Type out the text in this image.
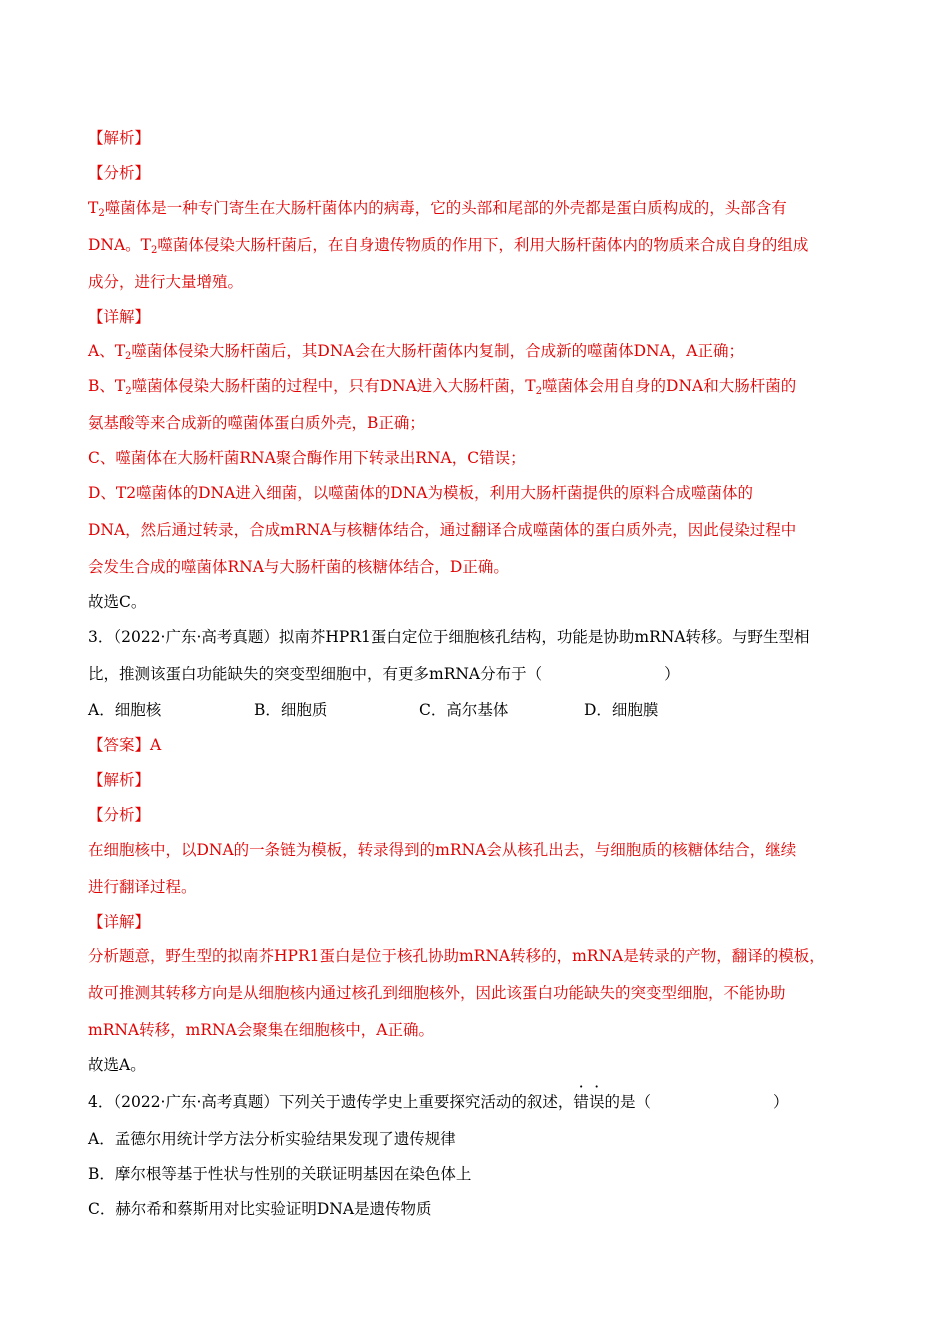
【解析】
【分析】
$T_2$噬菌体是一种专门寄生在大肠杆菌体内的病毒，它的头部和尾部的外壳都是蛋白质构成的，头部含有
DNA。$T_2$噬菌体侵染大肠杆菌后，在自身遗传物质的作用下，利用大肠杆菌体内的物质来合成自身的组成
成分，进行大量增殖。
【详解】
A、$T_2$噬菌体侵染大肠杆菌后，其DNA会在大肠杆菌体内复制，合成新的噬菌体DNA，A正确；
B、$T_2$噬菌体侵染大肠杆菌的过程中，只有DNA进入大肠杆菌，$T_2$噬菌体会用自身的DNA和大肠杆菌的
氨基酸等来合成新的噬菌体蛋白质外壳，B正确；
C、噬菌体在大肠杆菌RNA聚合酶作用下转录出RNA，C错误；
D、T2噬菌体的DNA进入细菌，以噬菌体的DNA为模板，利用大肠杆菌提供的原料合成噬菌体的
DNA，然后通过转录，合成mRNA与核糖体结合，通过翻译合成噬菌体的蛋白质外壳，因此侵染过程中
会发生合成的噬菌体RNA与大肠杆菌的核糖体结合，D正确。
故选C。
3．（2022·广东·高考真题）拟南芥HPR1蛋白定位于细胞核孔结构，功能是协助mRNA转移。与野生型相
比，推测该蛋白功能缺失的突变型细胞中，有更多mRNA分布于（	）
A．细胞核	B．细胞质	C．高尔基体	D．细胞膜
【答案】A
【解析】
【分析】
在细胞核中，以DNA的一条链为模板，转录得到的mRNA会从核孔出去，与细胞质的核糖体结合，继续
进行翻译过程。
【详解】
分析题意，野生型的拟南芥HPR1蛋白是位于核孔协助mRNA转移的，mRNA是转录的产物，翻译的模板，
故可推测其转移方向是从细胞核内通过核孔到细胞核外，因此该蛋白功能缺失的突变型细胞，不能协助
mRNA转移，mRNA会聚集在细胞核中，A正确。
故选A。
4．（2022·广东·高考真题）下列关于遗传学史上重要探究活动的叙述，错误的是（	）
A．孟德尔用统计学方法分析实验结果发现了遗传规律
B．摩尔根等基于性状与性别的关联证明基因在染色体上
C．赫尔希和蔡斯用对比实验证明DNA是遗传物质
